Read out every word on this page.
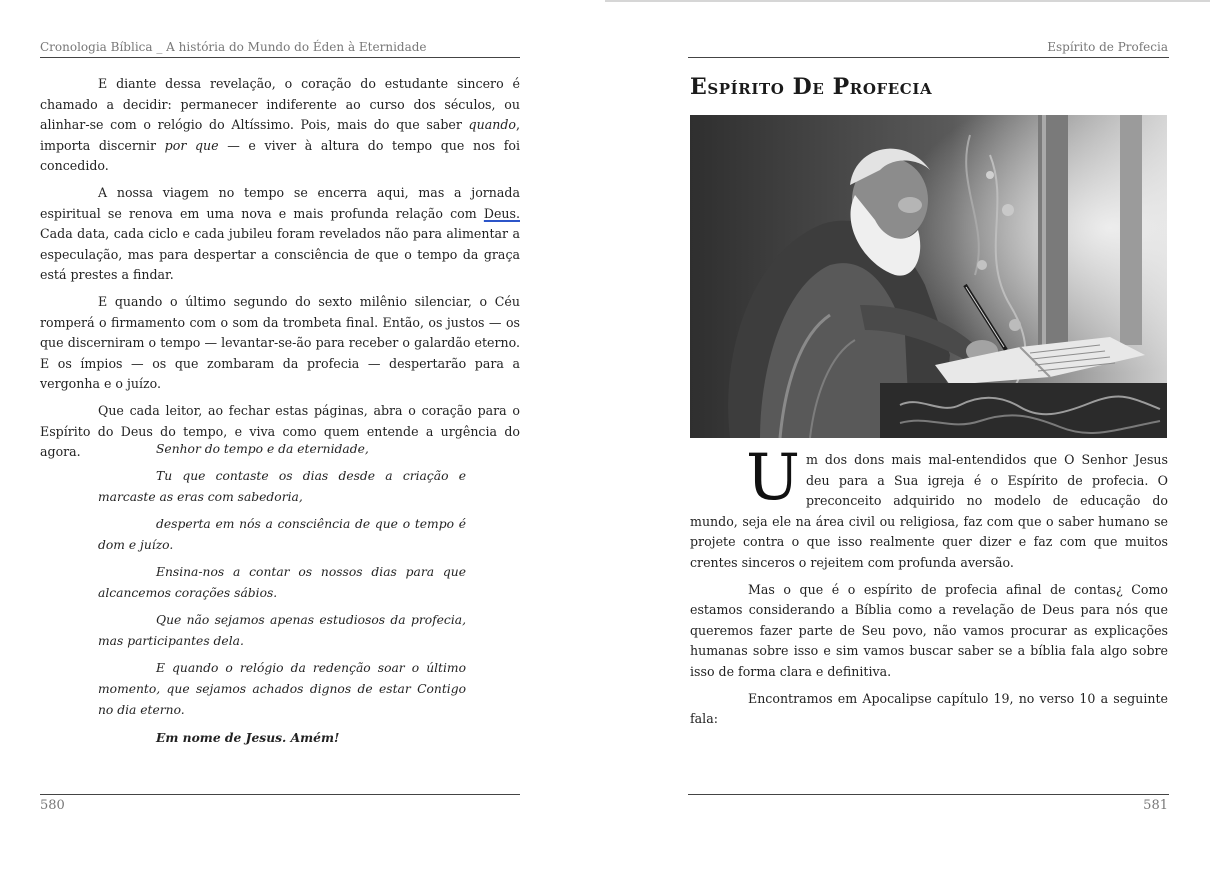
Cronologia Bíblica _ A história do Mundo do Éden à Eternidade

E diante dessa revelação, o coração do estudante sincero é chamado a decidir: permanecer indiferente ao curso dos séculos, ou alinhar-se com o relógio do Altíssimo. Pois, mais do que saber quando, importa discernir por que — e viver à altura do tempo que nos foi concedido.

A nossa viagem no tempo se encerra aqui, mas a jornada espiritual se renova em uma nova e mais profunda relação com Deus. Cada data, cada ciclo e cada jubileu foram revelados não para alimentar a especulação, mas para despertar a consciência de que o tempo da graça está prestes a findar.

E quando o último segundo do sexto milênio silenciar, o Céu romperá o firmamento com o som da trombeta final. Então, os justos — os que discerniram o tempo — levantar-se-ão para receber o galardão eterno. E os ímpios — os que zombaram da profecia — despertarão para a vergonha e o juízo.

Que cada leitor, ao fechar estas páginas, abra o coração para o Espírito do Deus do tempo, e viva como quem entende a urgência do agora.	Senhor do tempo e da eternidade,

Tu que contaste os dias desde a criação e marcaste as eras com sabedoria,

desperta em nós a consciência de que o tempo é dom e juízo.

Ensina-nos a contar os nossos dias para que alcancemos corações sábios.

Que não sejamos apenas estudiosos da profecia, mas participantes dela.

E quando o relógio da redenção soar o último momento, que sejamos achados dignos de estar Contigo no dia eterno.

Em nome de Jesus. Amém!

580
Espírito de Profecia
Espírito De Profecia

Um dos dons mais mal-entendidos que O Senhor Jesus deu para a Sua igreja é o Espírito de profecia. O preconceito adquirido no modelo de educação do mundo, seja ele na área civil ou religiosa, faz com que o saber humano se projete contra o que isso realmente quer dizer e faz com que muitos crentes sinceros o rejeitem com profunda aversão.

Mas o que é o espírito de profecia afinal de contas¿ Como estamos considerando a Bíblia como a revelação de Deus para nós que queremos fazer parte de Seu povo, não vamos procurar as explicações humanas sobre isso e sim vamos buscar saber se a bíblia fala algo sobre isso de forma clara e definitiva.

Encontramos em Apocalipse capítulo 19, no verso 10 a seguinte fala:

581
